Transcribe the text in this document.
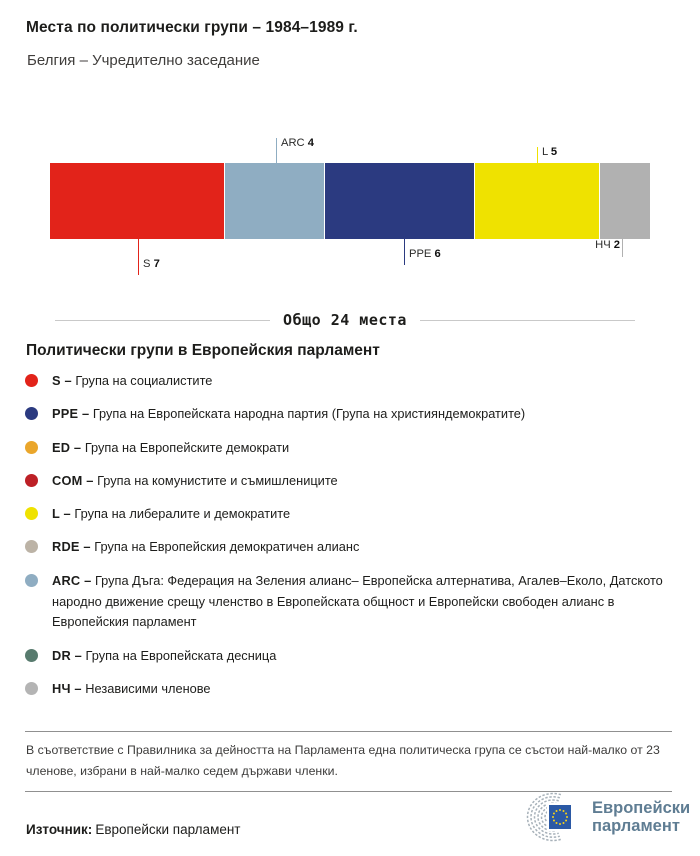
Места по политически групи – 1984–1989 г.
Белгия – Учредително заседание
ARC 4
L 5
S 7
PPE 6
НЧ 2
Общо 24 места
Политически групи в Европейския парламент
S – Група на социалистите
PPE – Група на Европейската народна партия (Група на християндемократите)
ED – Група на Европейските демократи
COM – Група на комунистите и съмишлениците
L – Група на либералите и демократите
RDE – Група на Европейския демократичен алианс
ARC – Група Дъга: Федерация на Зеления алианс– Европейска алтернатива, Агалев–Еколо, Датското народно движение срещу членство в Европейската общност и Европейски свободен алианс в Европейския парламент
DR – Група на Европейската десница
НЧ – Независими членове
В съответствие с Правилника за дейността на Парламента една политическа група се състои най-малко от 23 членове, избрани в най-малко седем държави членки.
Източник: Европейски парламент
Европейски
парламент
